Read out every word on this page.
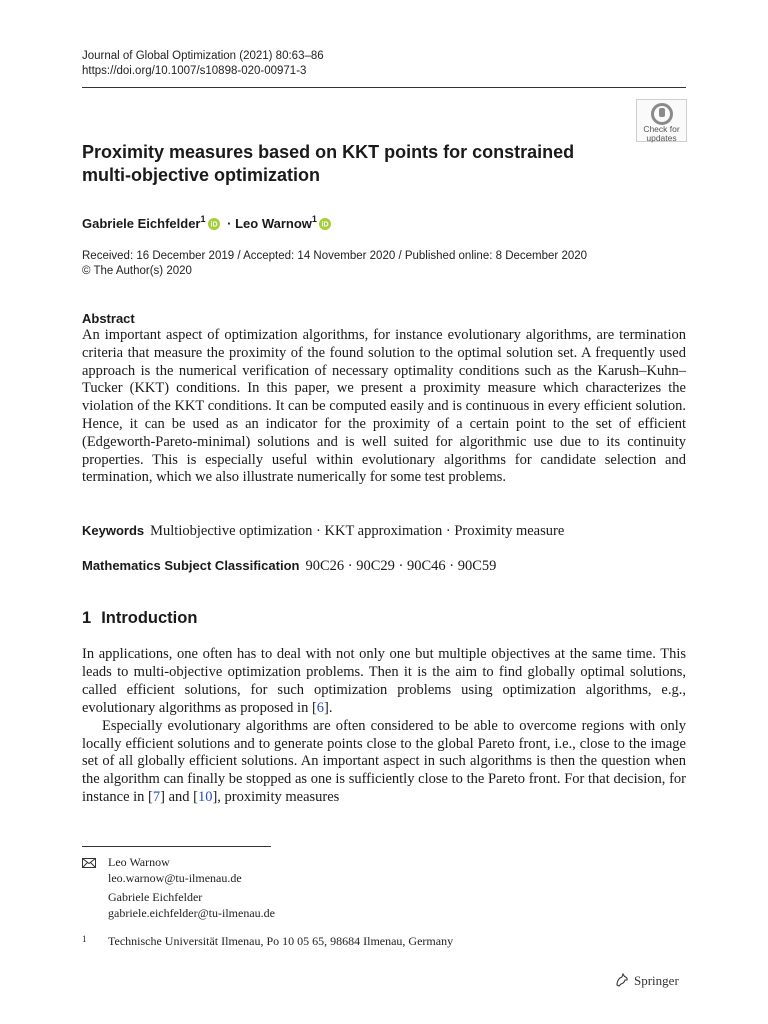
Journal of Global Optimization (2021) 80:63–86
https://doi.org/10.1007/s10898-020-00971-3
Check for
updates
Proximity measures based on KKT points for constrained multi-objective optimization
Gabriele Eichfelder$^1$
iD · Leo Warnow$^1$
iD
Received: 16 December 2019 / Accepted: 14 November 2020 / Published online: 8 December 2020
© The Author(s) 2020
Abstract
An important aspect of optimization algorithms, for instance evolutionary algorithms, are termination criteria that measure the proximity of the found solution to the optimal solution set. A frequently used approach is the numerical verification of necessary optimality conditions such as the Karush–Kuhn–Tucker (KKT) conditions. In this paper, we present a proximity measure which characterizes the violation of the KKT conditions. It can be computed easily and is continuous in every efficient solution. Hence, it can be used as an indicator for the proximity of a certain point to the set of efficient (Edgeworth-Pareto-minimal) solutions and is well suited for algorithmic use due to its continuity properties. This is especially useful within evolutionary algorithms for candidate selection and termination, which we also illustrate numerically for some test problems.
Keywords Multiobjective optimization · KKT approximation · Proximity measure
Mathematics Subject Classification 90C26 · 90C29 · 90C46 · 90C59
1 Introduction

In applications, one often has to deal with not only one but multiple objectives at the same time. This leads to multi-objective optimization problems. Then it is the aim to find globally optimal solutions, called efficient solutions, for such optimization problems using optimization algorithms, e.g., evolutionary algorithms as proposed in [6].

Especially evolutionary algorithms are often considered to be able to overcome regions with only locally efficient solutions and to generate points close to the global Pareto front, i.e., close to the image set of all globally efficient solutions. An important aspect in such algorithms is then the question when the algorithm can finally be stopped as one is sufficiently close to the Pareto front. For that decision, for instance in [7] and [10], proximity measures

Leo Warnow
leo.warnow@tu-ilmenau.de
Gabriele Eichfelder
gabriele.eichfelder@tu-ilmenau.de
1 Technische Universität Ilmenau, Po 10 05 65, 98684 Ilmenau, Germany
Springer
